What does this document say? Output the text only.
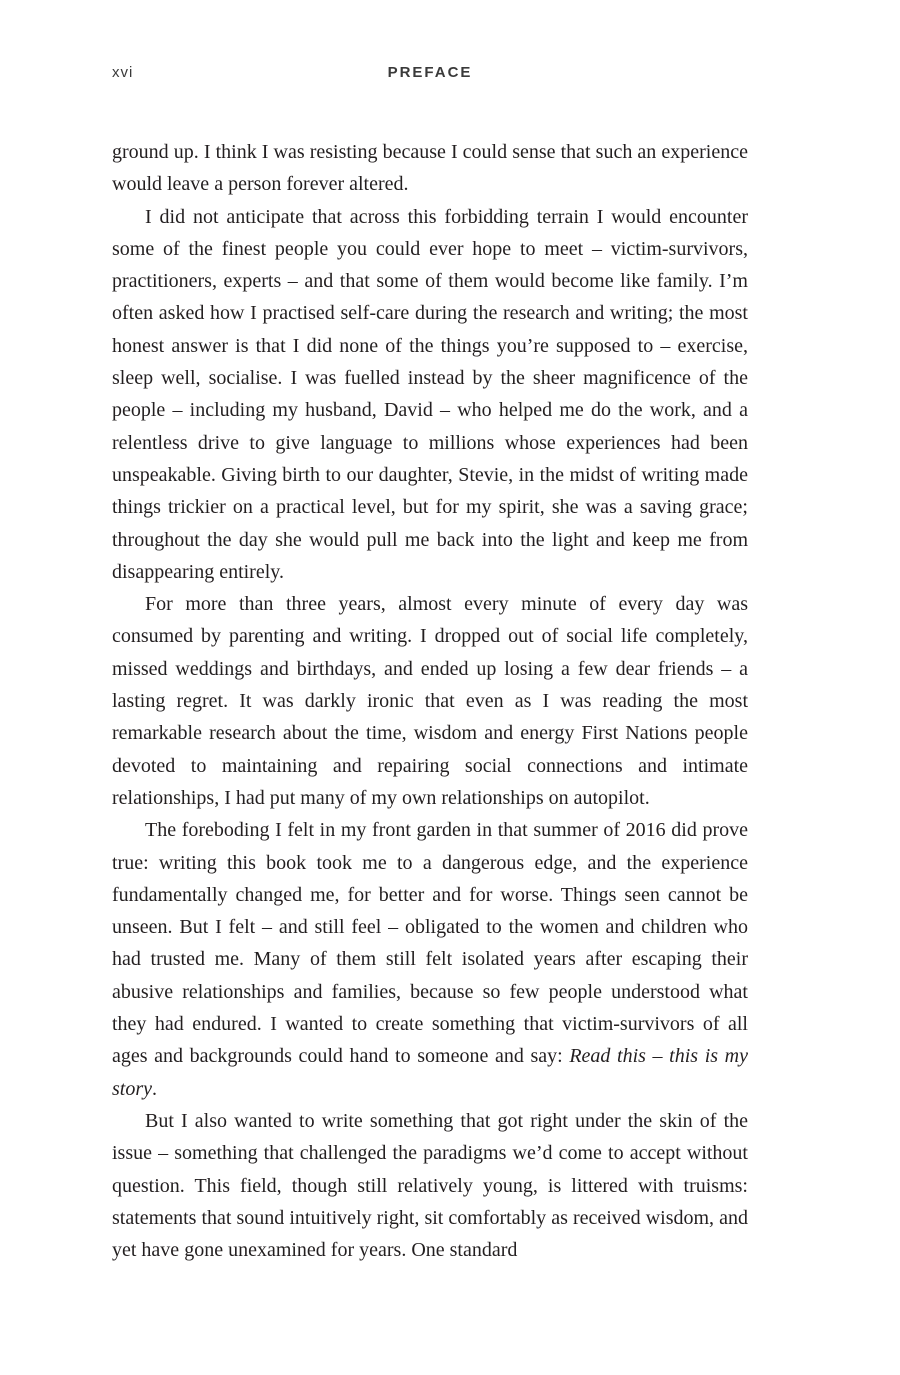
xvi	PREFACE

ground up. I think I was resisting because I could sense that such an experience would leave a person forever altered.

I did not anticipate that across this forbidding terrain I would encounter some of the finest people you could ever hope to meet – victim-survivors, practitioners, experts – and that some of them would become like family. I’m often asked how I practised self-care during the research and writing; the most honest answer is that I did none of the things you’re supposed to – exercise, sleep well, socialise. I was fuelled instead by the sheer magnificence of the people – including my husband, David – who helped me do the work, and a relentless drive to give language to millions whose experiences had been unspeakable. Giving birth to our daughter, Stevie, in the midst of writing made things trickier on a practical level, but for my spirit, she was a saving grace; throughout the day she would pull me back into the light and keep me from disappearing entirely.

For more than three years, almost every minute of every day was consumed by parenting and writing. I dropped out of social life completely, missed weddings and birthdays, and ended up losing a few dear friends – a lasting regret. It was darkly ironic that even as I was reading the most remarkable research about the time, wisdom and energy First Nations people devoted to maintaining and repairing social connections and intimate relationships, I had put many of my own relationships on autopilot.

The foreboding I felt in my front garden in that summer of 2016 did prove true: writing this book took me to a dangerous edge, and the experience fundamentally changed me, for better and for worse. Things seen cannot be unseen. But I felt – and still feel – obligated to the women and children who had trusted me. Many of them still felt isolated years after escaping their abusive relationships and families, because so few people understood what they had endured. I wanted to create something that victim-survivors of all ages and backgrounds could hand to someone and say: Read this – this is my story.

But I also wanted to write something that got right under the skin of the issue – something that challenged the paradigms we’d come to accept without question. This field, though still relatively young, is littered with truisms: statements that sound intuitively right, sit comfortably as received wisdom, and yet have gone unexamined for years. One standard
